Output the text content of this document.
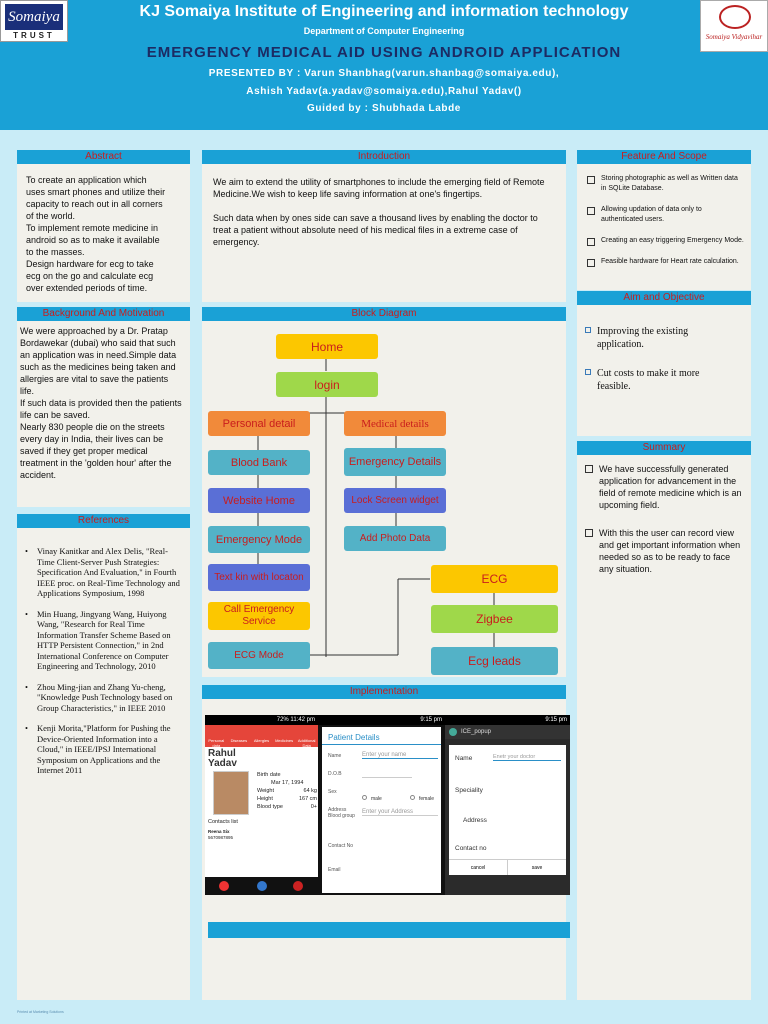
Somaiya
TRUST
KJ Somaiya Institute of Engineering and information technology
Department of Computer Engineering
EMERGENCY MEDICAL AID USING ANDROID APPLICATION
PRESENTED BY : Varun Shanbhag(varun.shanbag@somaiya.edu),
Ashish Yadav(a.yadav@somaiya.edu),Rahul Yadav()
Guided by : Shubhada Labde
Somaiya Vidyavihar
Abstract
To create an application which
uses smart phones and utilize their
capacity to reach out in all corners
of the world.
To implement remote medicine in
android so as to make it available
to the masses.
Design hardware for ecg to take
ecg on the go and calculate ecg
over extended periods of time.
Background And Motivation
We were approached by a Dr. Pratap
Bordawekar (dubai) who said that such
an application was in need.Simple data
such as the medicines being taken and
allergies are vital to save the patients
life.
If such data is provided then the patients
life can be saved.
Nearly 830 people die on the streets
every day in India, their lives can be
saved if they get proper medical
treatment in the 'golden hour' after the
accident.
References
• Vinay Kanitkar and Alex Delis, "Real-Time Client-Server Push Strategies: Specification And Evaluation," in Fourth IEEE proc. on Real-Time Technology and Applications Symposium, 1998
• Min Huang, Jingyang Wang, Huiyong Wang, "Research for Real Time Information Transfer Scheme Based on HTTP Persistent Connection," in 2nd International Conference on Computer Engineering and Technology, 2010
• Zhou Ming-jian and Zhang Yu-cheng, "Knowledge Push Technology based on Group Characteristics," in IEEE 2010
• Kenji Morita,"Platform for Pushing the Device-Oriented Information into a Cloud," in IEEE/IPSJ International Symposium on Applications and the Internet 2011
Introduction
We aim to extend the utility of smartphones to include the emerging field of Remote Medicine.We wish to keep life saving information at one's fingertips.
Such data when by ones side can save a thousand lives by enabling the doctor to treat a patient without absolute need of his medical files in a extreme case of emergency.
Block Diagram
Home
login
Personal detail	Medical details
Blood Bank	Emergency Details
Website Home	Lock Screen widget
Emergency Mode	Add Photo Data
Text kin with locaton
Call Emergency Service
ECG Mode
ECG
Zigbee
Ecg leads
Implementation
72% 11:42 pm
Personal data
Diseases	Allergies	Medicines	Additional Data
Rahul Yadav
Birth date
Mar 17, 1994
Weight	64 kg
Height	167 cm
Blood type	0+
Contacts list
Reena Six
5670987895
9:15 pm
Patient Details
Name	Enter your name
D.O.B
Sex
male	female
Address
Blood group
Enter your Address
Contact No
Email
9:15 pm
ICE_popup
Name	Enetr your doctor
Speciality
Address
Contact no
cancel	save
Feature And Scope
Storing photographic as well as Written data in SQLite Database.
Allowing updation of data only to authenticated users.
Creating an easy triggering Emergency Mode.
Feasible hardware for Heart rate calculation.
Aim and Objective
Improving the existing application.
Cut costs to make it more feasible.
Summary
We have successfully generated application for advancement in the field of remote medicine which is an upcoming field.
With this the user can record view and get important information when needed so as to be ready to face any situation.
Printed at Marketing Solutions
